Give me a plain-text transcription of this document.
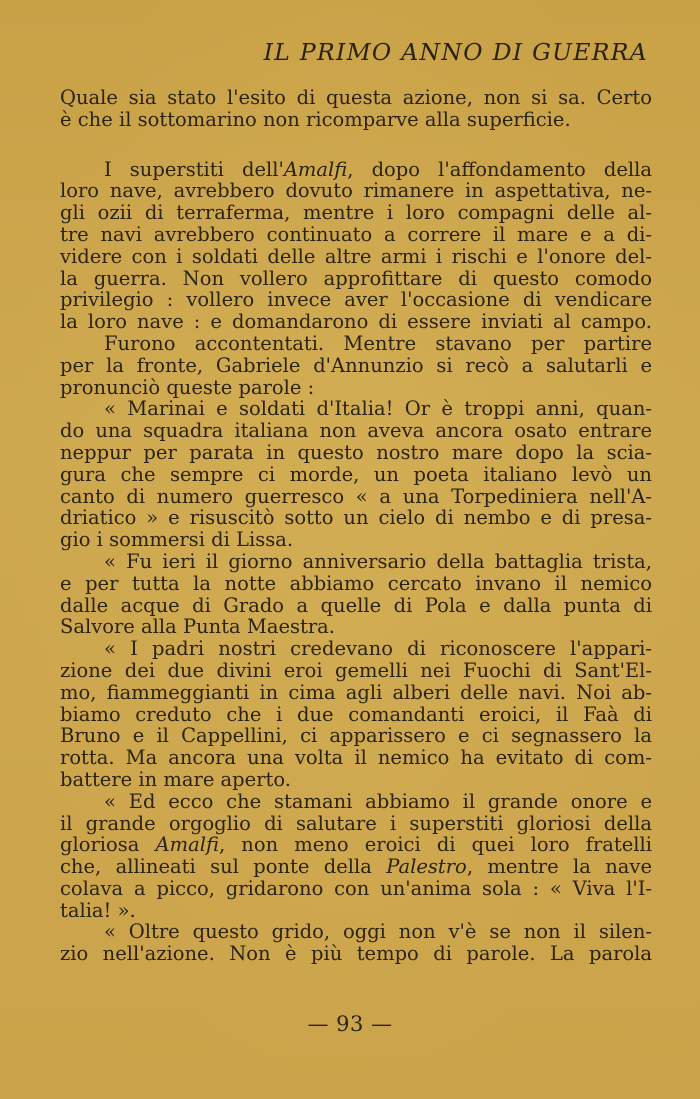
IL PRIMO ANNO DI GUERRA
Quale sia stato l'esito di questa azione, non si sa. Certo
è che il sottomarino non ricomparve alla superficie.
I superstiti dell'Amalfi, dopo l'affondamento della
loro nave, avrebbero dovuto rimanere in aspettativa, ne-
gli ozii di terraferma, mentre i loro compagni delle al-
tre navi avrebbero continuato a correre il mare e a di-
videre con i soldati delle altre armi i rischi e l'onore del-
la guerra. Non vollero approfittare di questo comodo
privilegio : vollero invece aver l'occasione di vendicare
la loro nave : e domandarono di essere inviati al campo.
Furono accontentati. Mentre stavano per partire
per la fronte, Gabriele d'Annunzio si recò a salutarli e
pronunciò queste parole :
« Marinai e soldati d'Italia! Or è troppi anni, quan-
do una squadra italiana non aveva ancora osato entrare
neppur per parata in questo nostro mare dopo la scia-
gura che sempre ci morde, un poeta italiano levò un
canto di numero guerresco « a una Torpediniera nell'A-
driatico » e risuscitò sotto un cielo di nembo e di presa-
gio i sommersi di Lissa.
« Fu ieri il giorno anniversario della battaglia trista,
e per tutta la notte abbiamo cercato invano il nemico
dalle acque di Grado a quelle di Pola e dalla punta di
Salvore alla Punta Maestra.
« I padri nostri credevano di riconoscere l'appari-
zione dei due divini eroi gemelli nei Fuochi di Sant'El-
mo, fiammeggianti in cima agli alberi delle navi. Noi ab-
biamo creduto che i due comandanti eroici, il Faà di
Bruno e il Cappellini, ci apparissero e ci segnassero la
rotta. Ma ancora una volta il nemico ha evitato di com-
battere in mare aperto.
« Ed ecco che stamani abbiamo il grande onore e
il grande orgoglio di salutare i superstiti gloriosi della
gloriosa Amalfi, non meno eroici di quei loro fratelli
che, allineati sul ponte della Palestro, mentre la nave
colava a picco, gridarono con un'anima sola : « Viva l'I-
talia! ».
« Oltre questo grido, oggi non v'è se non il silen-
zio nell'azione. Non è più tempo di parole. La parola
— 93 —
